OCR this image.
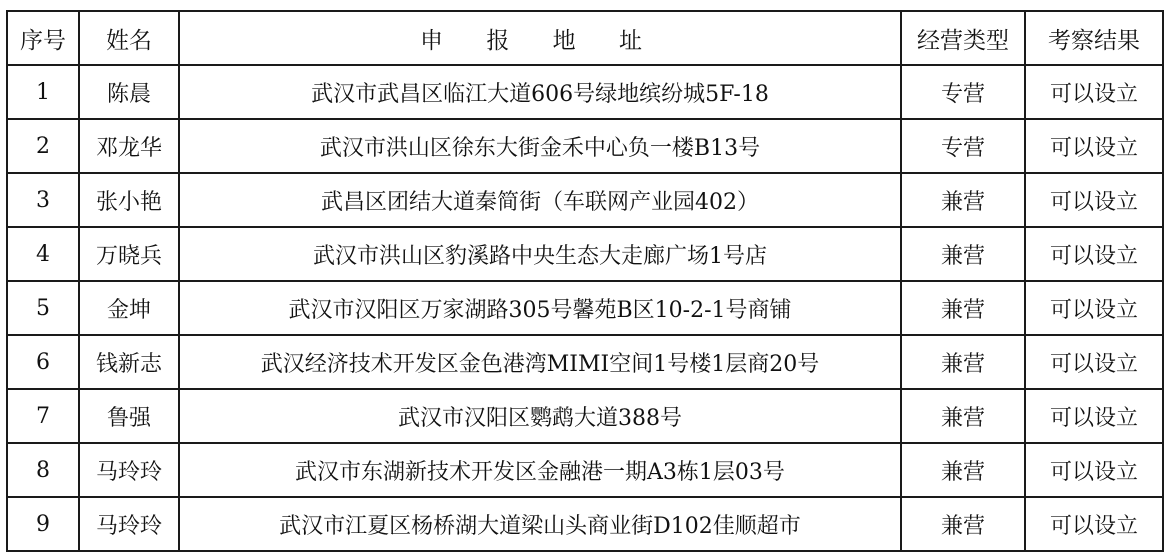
序号	姓名	申 报 地 址	经营类型	考察结果
1	陈晨	武汉市武昌区临江大道606号绿地缤纷城5F-18	专营	可以设立
2	邓龙华	武汉市洪山区徐东大街金禾中心负一楼B13号	专营	可以设立
3	张小艳	武昌区团结大道秦简街（车联网产业园402）	兼营	可以设立
4	万晓兵	武汉市洪山区豹溪路中央生态大走廊广场1号店	兼营	可以设立
5	金坤	武汉市汉阳区万家湖路305号馨苑B区10-2-1号商铺	兼营	可以设立
6	钱新志	武汉经济技术开发区金色港湾MIMI空间1号楼1层商20号	兼营	可以设立
7	鲁强	武汉市汉阳区鹦鹉大道388号	兼营	可以设立
8	马玲玲	武汉市东湖新技术开发区金融港一期A3栋1层03号	兼营	可以设立
9	马玲玲	武汉市江夏区杨桥湖大道梁山头商业街D102佳顺超市	兼营	可以设立
